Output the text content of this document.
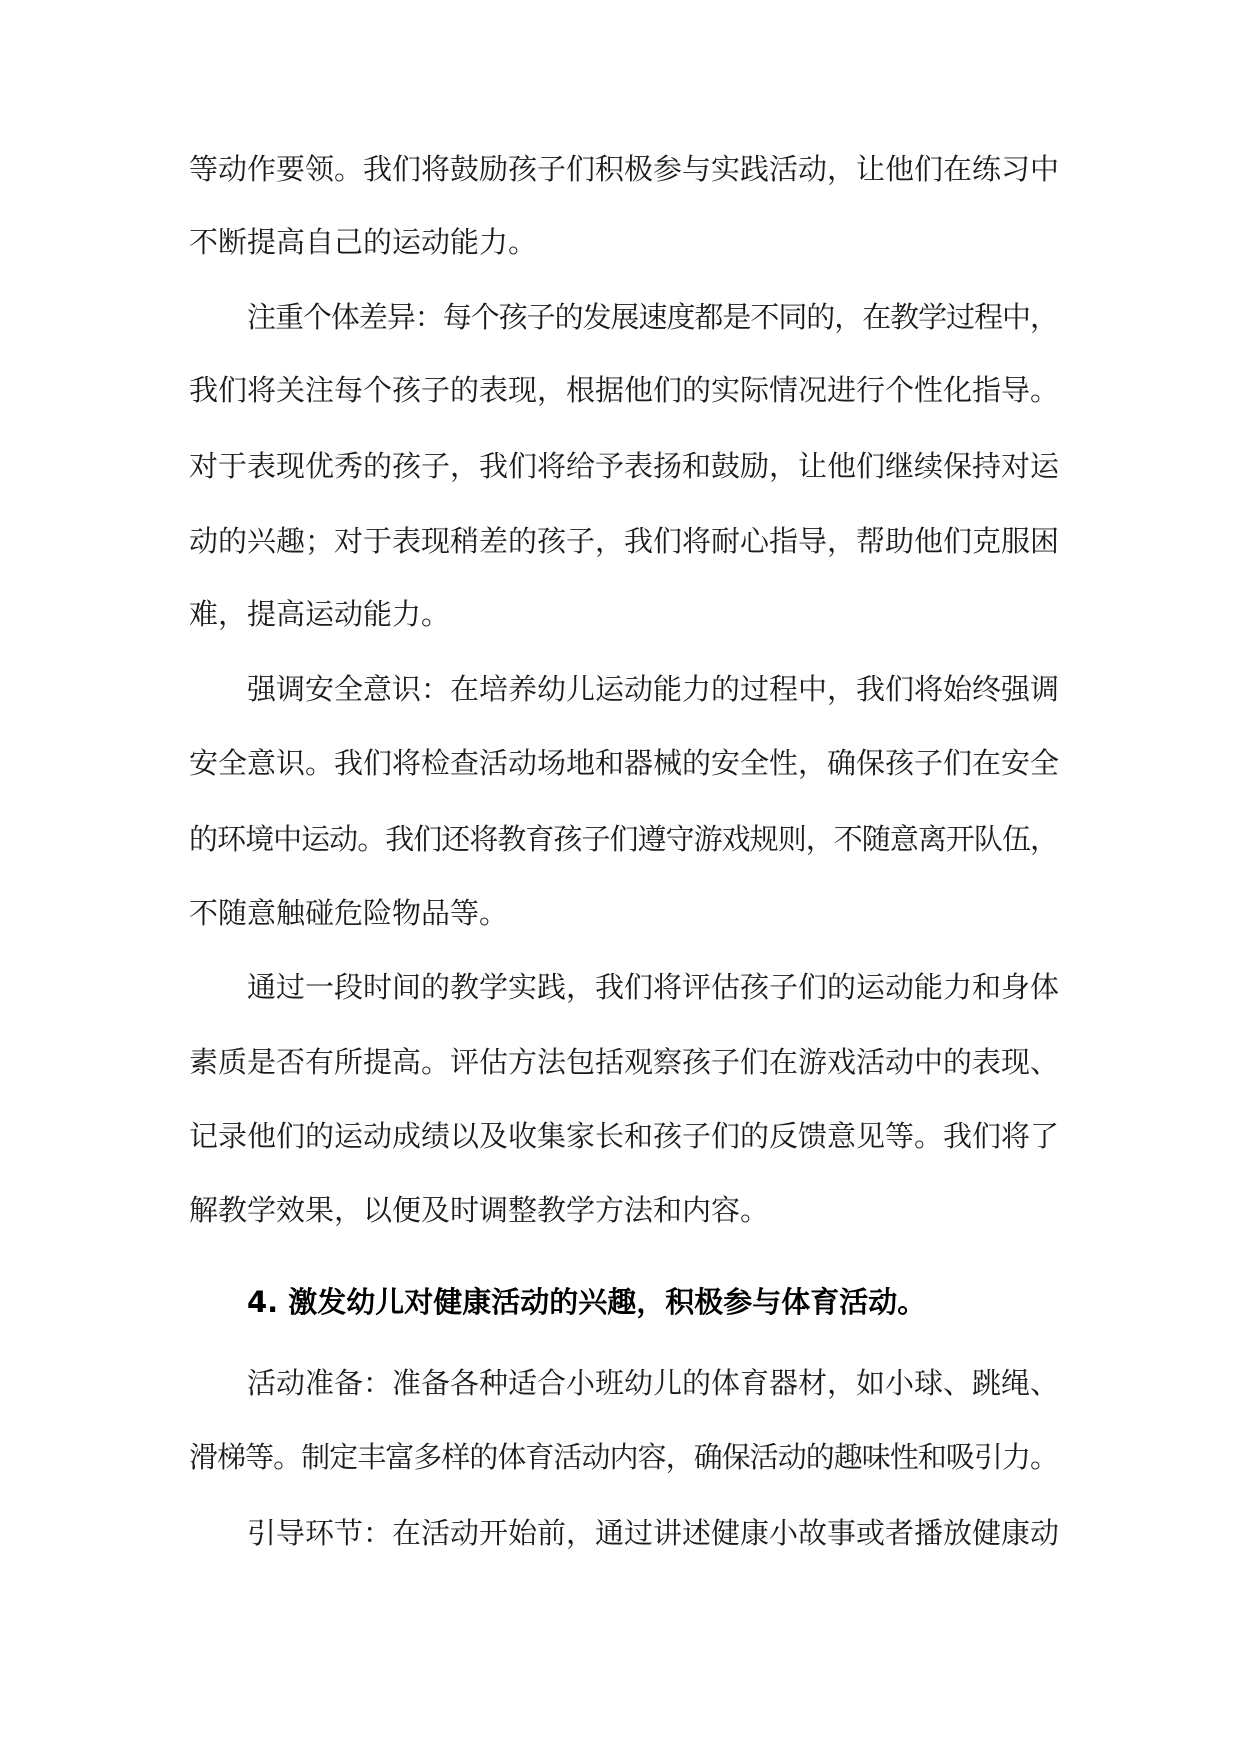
等动作要领。我们将鼓励孩子们积极参与实践活动，让他们在练习中
不断提高自己的运动能力。
注重个体差异：每个孩子的发展速度都是不同的，在教学过程中，
我们将关注每个孩子的表现，根据他们的实际情况进行个性化指导。
对于表现优秀的孩子，我们将给予表扬和鼓励，让他们继续保持对运
动的兴趣；对于表现稍差的孩子，我们将耐心指导，帮助他们克服困
难，提高运动能力。
强调安全意识：在培养幼儿运动能力的过程中，我们将始终强调
安全意识。我们将检查活动场地和器械的安全性，确保孩子们在安全
的环境中运动。我们还将教育孩子们遵守游戏规则，不随意离开队伍，
不随意触碰危险物品等。
通过一段时间的教学实践，我们将评估孩子们的运动能力和身体
素质是否有所提高。评估方法包括观察孩子们在游戏活动中的表现、
记录他们的运动成绩以及收集家长和孩子们的反馈意见等。我们将了
解教学效果，以便及时调整教学方法和内容。
4. 激发幼儿对健康活动的兴趣，积极参与体育活动。
活动准备：准备各种适合小班幼儿的体育器材，如小球、跳绳、
滑梯等。制定丰富多样的体育活动内容，确保活动的趣味性和吸引力。
引导环节：在活动开始前，通过讲述健康小故事或者播放健康动
